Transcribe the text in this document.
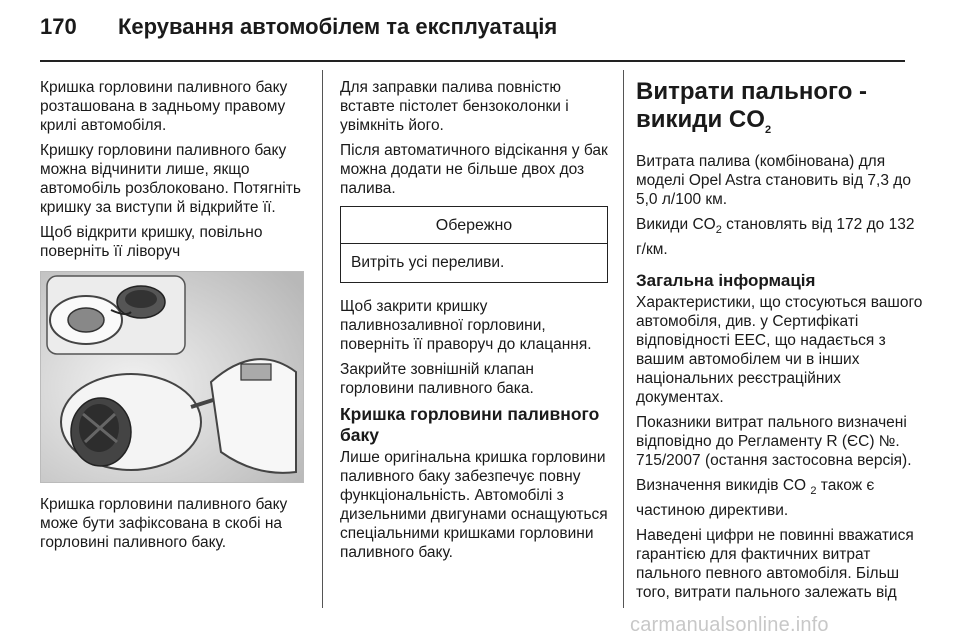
170 Керування автомобілем та експлуатація

Кришка горловини паливного баку розташована в задньому правому крилі автомобіля.

Кришку горловини паливного баку можна відчинити лише, якщо автомобіль розблоковано. Потягніть кришку за виступи й відкрийте її.

Щоб відкрити кришку, повільно поверніть її ліворуч

Кришка горловини паливного баку може бути зафіксована в скобі на горловині паливного баку.

Для заправки палива повністю вставте пістолет бензоколонки і увімкніть його.

Після автоматичного відсікання у бак можна додати не більше двох доз палива.

Обережно
Витріть усі переливи.

Щоб закрити кришку паливнозаливної горловини, поверніть її праворуч до клацання.

Закрийте зовнішній клапан горловини паливного бака.

Кришка горловини паливного баку

Лише оригінальна кришка горловини паливного баку забезпечує повну функціональність. Автомобілі з дизельними двигунами оснащуються спеціальними кришками горловини паливного баку.

Витрати пального -
викиди $CO_2$

Витрата палива (комбінована) для моделі Opel Astra становить від 7,3 до 5,0 л/100 км.

Викиди $CO_2$ становлять від 172 до 132 г/км.

Загальна інформація

Характеристики, що стосуються вашого автомобіля, див. у Сертифікаті відповідності ЕЕС, що надається з вашим автомобілем чи в інших національних реєстраційних документах.

Показники витрат пального визначені відповідно до Регламенту R (ЄС) №. 715/2007 (остання застосовна версія).

Визначення викидів CO $_2$ також є частиною директиви.

Наведені цифри не повинні вважатися гарантією для фактичних витрат пального певного автомобіля. Більш того, витрати пального залежать від

carmanualsonline.info
